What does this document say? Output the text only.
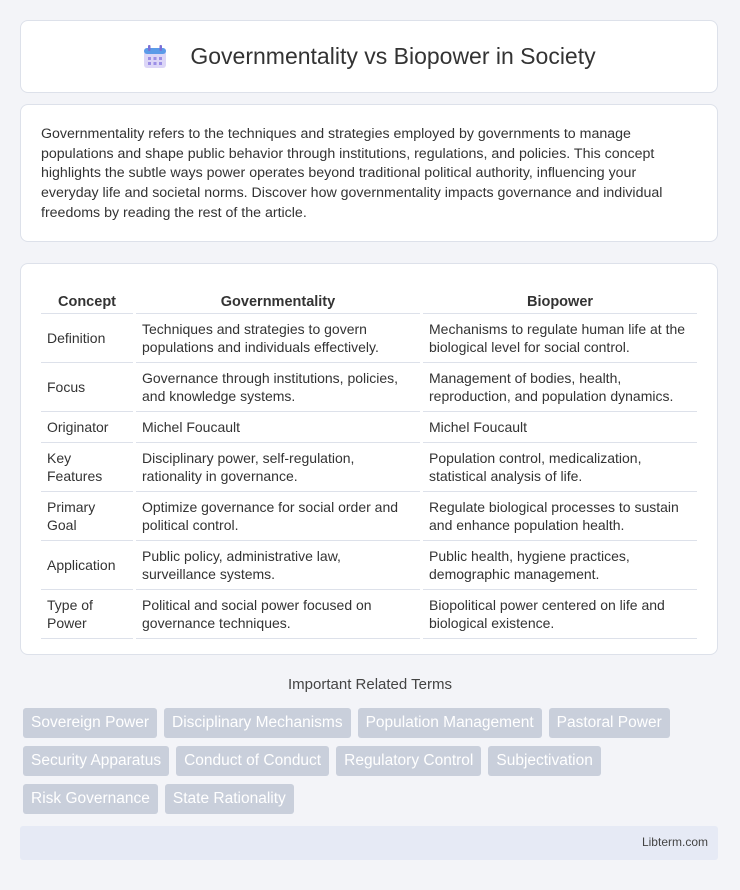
Governmentality vs Biopower in Society

Governmentality refers to the techniques and strategies employed by governments to manage populations and shape public behavior through institutions, regulations, and policies. This concept highlights the subtle ways power operates beyond traditional political authority, influencing your everyday life and societal norms. Discover how governmentality impacts governance and individual freedoms by reading the rest of the article.

Concept	Governmentality	Biopower
Definition	Techniques and strategies to govern populations and individuals effectively.	Mechanisms to regulate human life at the biological level for social control.
Focus	Governance through institutions, policies, and knowledge systems.	Management of bodies, health, reproduction, and population dynamics.
Originator	Michel Foucault	Michel Foucault
Key Features	Disciplinary power, self-regulation, rationality in governance.	Population control, medicalization, statistical analysis of life.
Primary Goal	Optimize governance for social order and political control.	Regulate biological processes to sustain and enhance population health.
Application	Public policy, administrative law, surveillance systems.	Public health, hygiene practices, demographic management.
Type of Power	Political and social power focused on governance techniques.	Biopolitical power centered on life and biological existence.
Important Related Terms
Sovereign Power	Disciplinary Mechanisms	Population Management	Pastoral Power
Security Apparatus	Conduct of Conduct	Regulatory Control	Subjectivation
Risk Governance	State Rationality
Libterm.com
